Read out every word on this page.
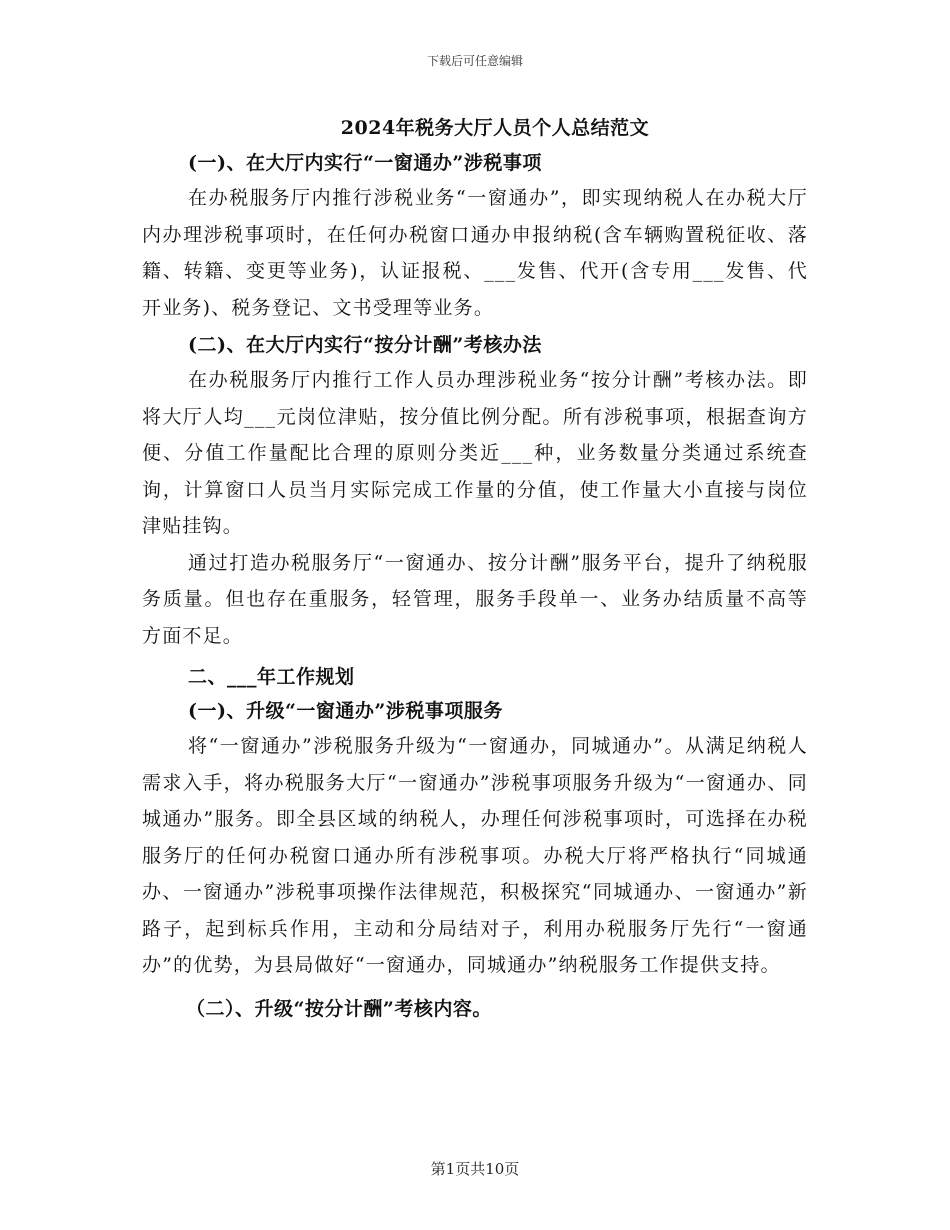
下载后可任意编辑
2024年税务大厅人员个人总结范文

(一)、在大厅内实行“一窗通办”涉税事项

在办税服务厅内推行涉税业务“一窗通办”，即实现纳税人在办税大厅内办理涉税事项时，在任何办税窗口通办申报纳税(含车辆购置税征收、落籍、转籍、变更等业务)，认证报税、___发售、代开(含专用___发售、代开业务)、税务登记、文书受理等业务。

(二)、在大厅内实行“按分计酬”考核办法

在办税服务厅内推行工作人员办理涉税业务“按分计酬”考核办法。即将大厅人均___元岗位津贴，按分值比例分配。所有涉税事项，根据查询方便、分值工作量配比合理的原则分类近___种，业务数量分类通过系统查询，计算窗口人员当月实际完成工作量的分值，使工作量大小直接与岗位津贴挂钩。

通过打造办税服务厅“一窗通办、按分计酬”服务平台，提升了纳税服务质量。但也存在重服务，轻管理，服务手段单一、业务办结质量不高等方面不足。

二、___年工作规划

(一)、升级“一窗通办”涉税事项服务

将“一窗通办”涉税服务升级为“一窗通办，同城通办”。从满足纳税人需求入手，将办税服务大厅“一窗通办”涉税事项服务升级为“一窗通办、同城通办”服务。即全县区域的纳税人，办理任何涉税事项时，可选择在办税服务厅的任何办税窗口通办所有涉税事项。办税大厅将严格执行“同城通办、一窗通办”涉税事项操作法律规范，积极探究“同城通办、一窗通办”新路子，起到标兵作用，主动和分局结对子，利用办税服务厅先行“一窗通办”的优势，为县局做好“一窗通办，同城通办”纳税服务工作提供支持。

（二）、升级“按分计酬”考核内容。

第1页共10页
